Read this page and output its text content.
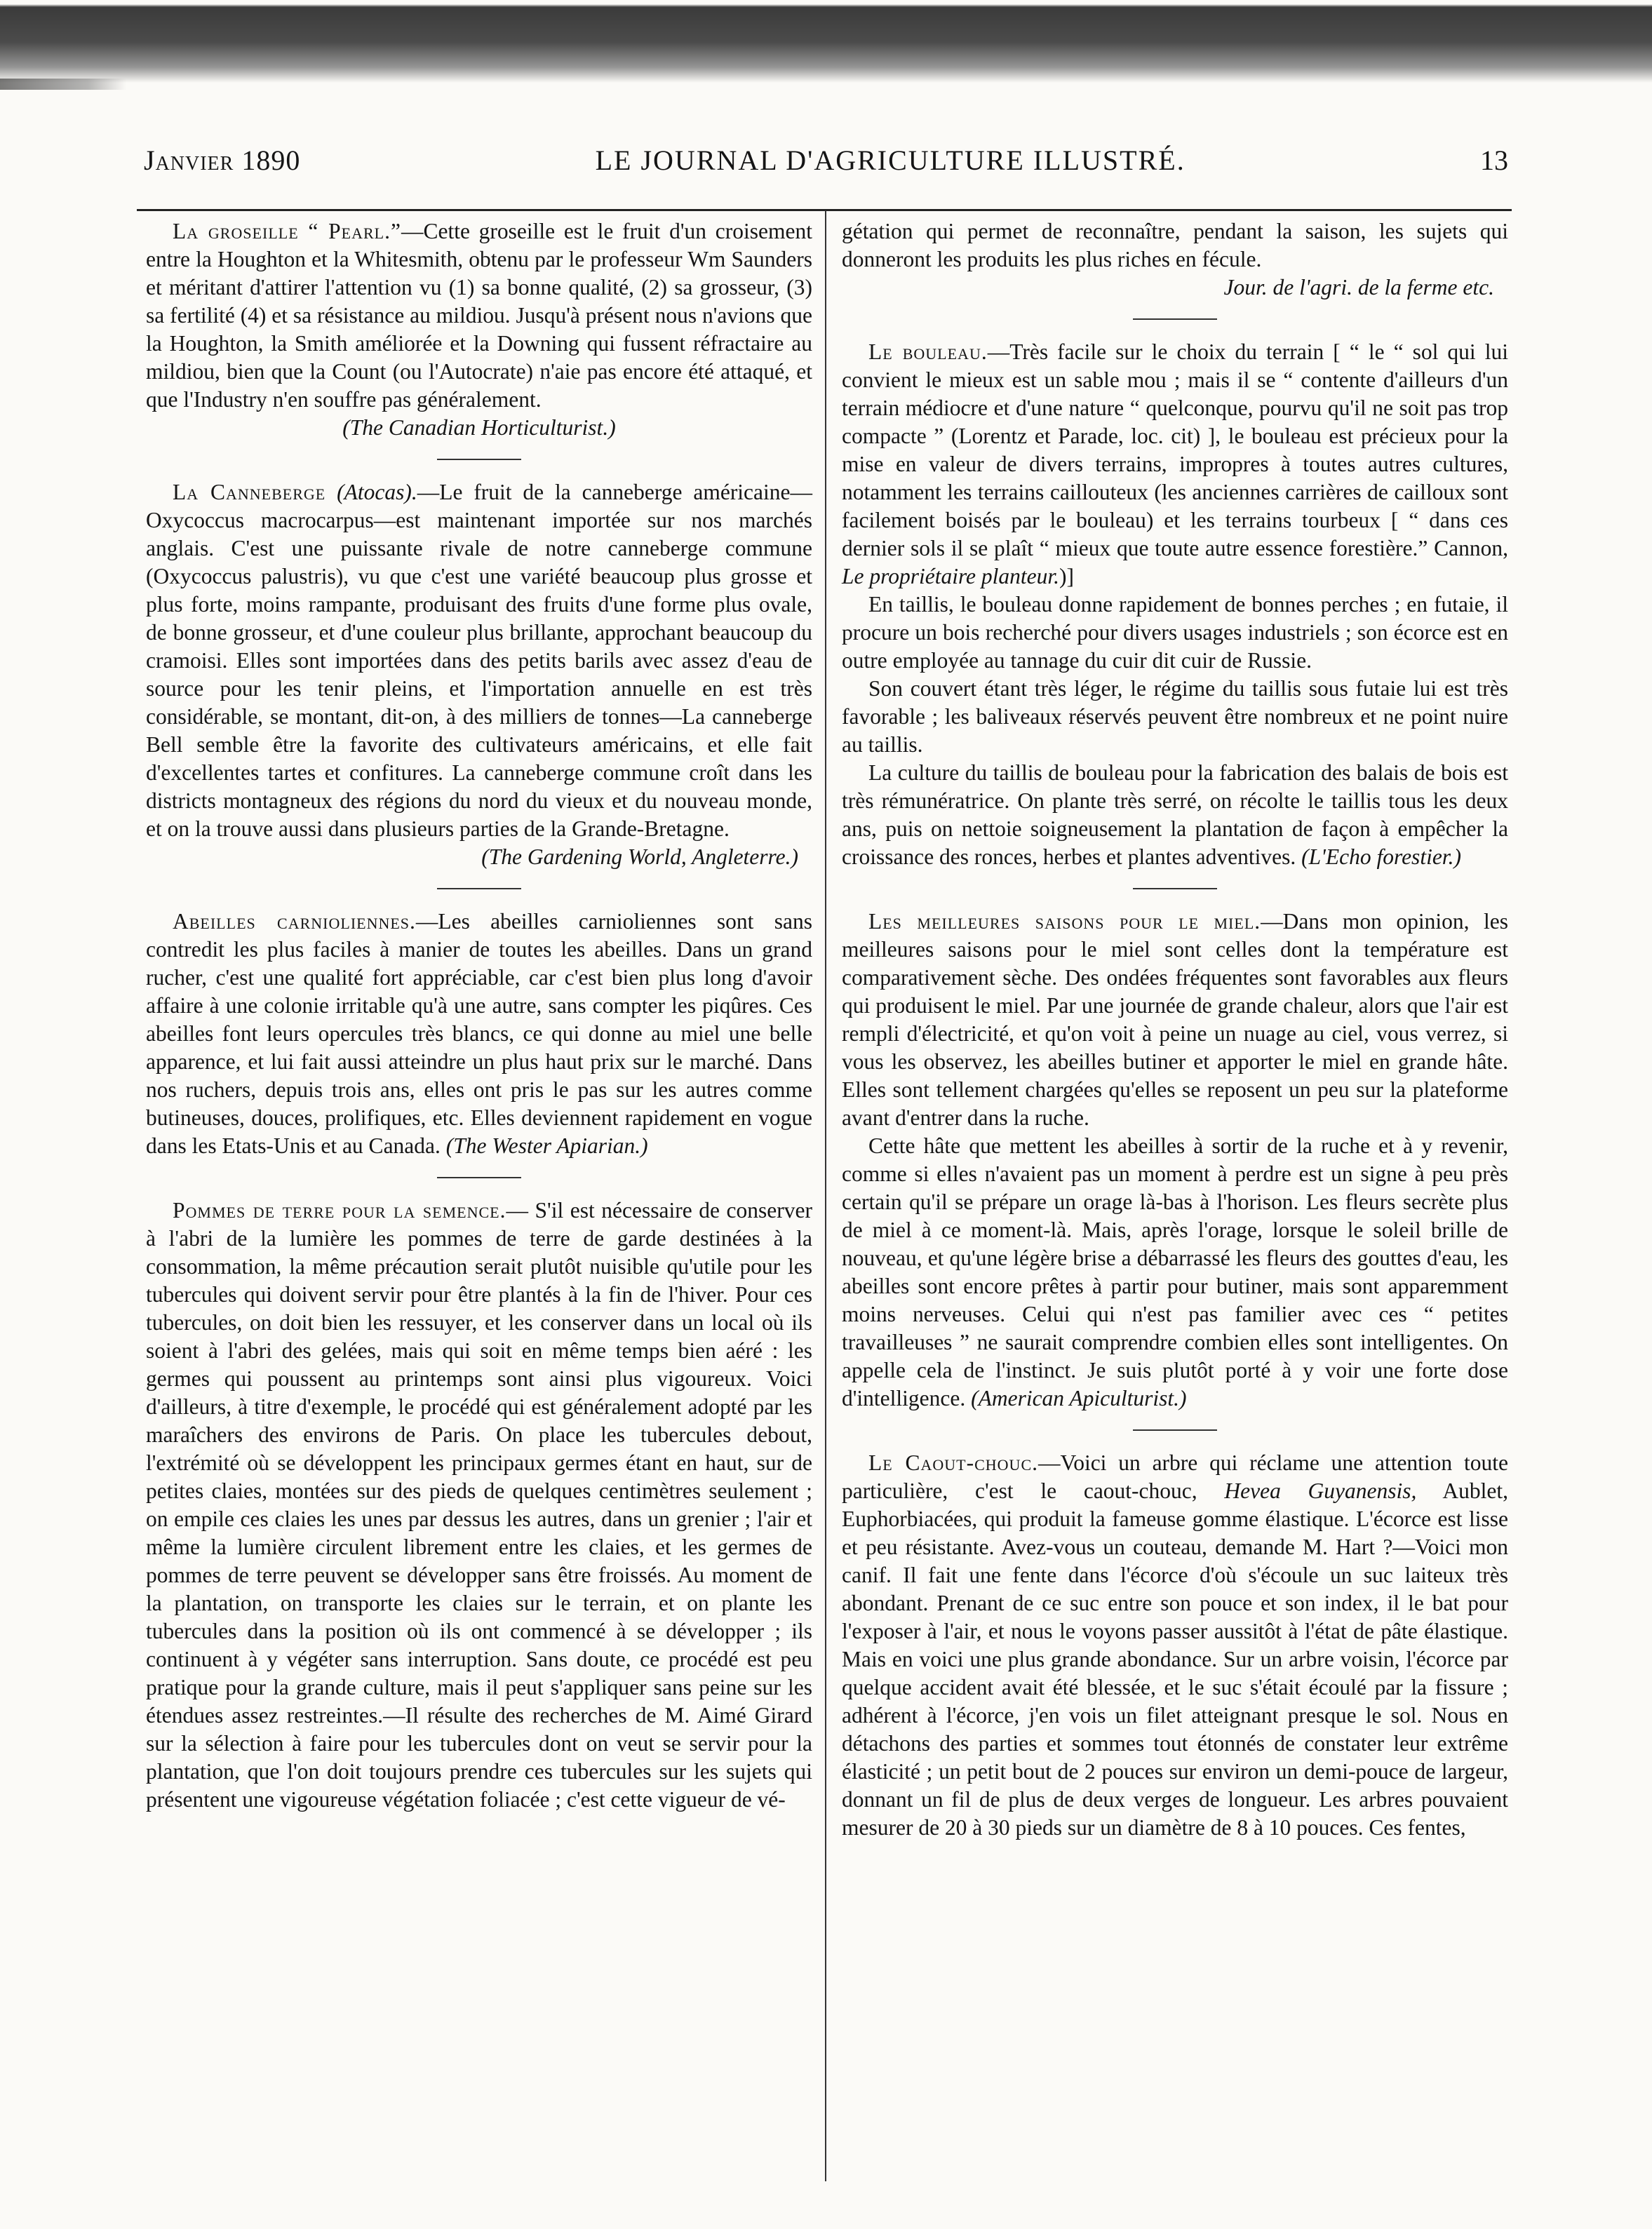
Janvier 1890	LE JOURNAL D'AGRICULTURE ILLUSTRÉ.	13

La groseille “ Pearl.”—Cette groseille est le fruit d'un croisement entre la Houghton et la Whitesmith, obtenu par le professeur Wm Saunders et méritant d'attirer l'attention vu (1) sa bonne qualité, (2) sa grosseur, (3) sa fertilité (4) et sa résistance au mildiou. Jusqu'à présent nous n'avions que la Houghton, la Smith améliorée et la Downing qui fussent réfractaire au mildiou, bien que la Count (ou l'Autocrate) n'aie pas encore été attaqué, et que l'Industry n'en souffre pas généralement.

(The Canadian Horticulturist.)

La Canneberge (Atocas).—Le fruit de la canneberge américaine—Oxycoccus macrocarpus—est maintenant importée sur nos marchés anglais. C'est une puissante rivale de notre canneberge commune (Oxycoccus palustris), vu que c'est une variété beaucoup plus grosse et plus forte, moins rampante, produisant des fruits d'une forme plus ovale, de bonne grosseur, et d'une couleur plus brillante, approchant beaucoup du cramoisi. Elles sont importées dans des petits barils avec assez d'eau de source pour les tenir pleins, et l'importation annuelle en est très considérable, se montant, dit-on, à des milliers de tonnes—La canneberge Bell semble être la favorite des cultivateurs américains, et elle fait d'excellentes tartes et confitures. La canneberge commune croît dans les districts montagneux des régions du nord du vieux et du nouveau monde, et on la trouve aussi dans plusieurs parties de la Grande-Bretagne.

(The Gardening World, Angleterre.)

Abeilles carnioliennes.—Les abeilles carnioliennes sont sans contredit les plus faciles à manier de toutes les abeilles. Dans un grand rucher, c'est une qualité fort appréciable, car c'est bien plus long d'avoir affaire à une colonie irritable qu'à une autre, sans compter les piqûres. Ces abeilles font leurs opercules très blancs, ce qui donne au miel une belle apparence, et lui fait aussi atteindre un plus haut prix sur le marché. Dans nos ruchers, depuis trois ans, elles ont pris le pas sur les autres comme butineuses, douces, prolifiques, etc. Elles deviennent rapidement en vogue dans les Etats-Unis et au Canada. (The Wester Apiarian.)

Pommes de terre pour la semence.— S'il est nécessaire de conserver à l'abri de la lumière les pommes de terre de garde destinées à la consommation, la même précaution serait plutôt nuisible qu'utile pour les tubercules qui doivent servir pour être plantés à la fin de l'hiver. Pour ces tubercules, on doit bien les ressuyer, et les conserver dans un local où ils soient à l'abri des gelées, mais qui soit en même temps bien aéré : les germes qui poussent au printemps sont ainsi plus vigoureux. Voici d'ailleurs, à titre d'exemple, le procédé qui est généralement adopté par les maraîchers des environs de Paris. On place les tubercules debout, l'extrémité où se développent les principaux germes étant en haut, sur de petites claies, montées sur des pieds de quelques centimètres seulement ; on empile ces claies les unes par dessus les autres, dans un grenier ; l'air et même la lumière circulent librement entre les claies, et les germes de pommes de terre peuvent se développer sans être froissés. Au moment de la plantation, on transporte les claies sur le terrain, et on plante les tubercules dans la position où ils ont commencé à se développer ; ils continuent à y végéter sans interruption. Sans doute, ce procédé est peu pratique pour la grande culture, mais il peut s'appliquer sans peine sur les étendues assez restreintes.—Il résulte des recherches de M. Aimé Girard sur la sélection à faire pour les tubercules dont on veut se servir pour la plantation, que l'on doit toujours prendre ces tubercules sur les sujets qui présentent une vigoureuse végétation foliacée ; c'est cette vigueur de vé-

gétation qui permet de reconnaître, pendant la saison, les sujets qui donneront les produits les plus riches en fécule.

Jour. de l'agri. de la ferme etc.

Le bouleau.—Très facile sur le choix du terrain [ “ le “ sol qui lui convient le mieux est un sable mou ; mais il se “ contente d'ailleurs d'un terrain médiocre et d'une nature “ quelconque, pourvu qu'il ne soit pas trop compacte ” (Lorentz et Parade, loc. cit) ], le bouleau est précieux pour la mise en valeur de divers terrains, impropres à toutes autres cultures, notamment les terrains caillouteux (les anciennes carrières de cailloux sont facilement boisés par le bouleau) et les terrains tourbeux [ “ dans ces dernier sols il se plaît “ mieux que toute autre essence forestière.” Cannon, Le propriétaire planteur.)]

En taillis, le bouleau donne rapidement de bonnes perches ; en futaie, il procure un bois recherché pour divers usages industriels ; son écorce est en outre employée au tannage du cuir dit cuir de Russie.

Son couvert étant très léger, le régime du taillis sous futaie lui est très favorable ; les baliveaux réservés peuvent être nombreux et ne point nuire au taillis.

La culture du taillis de bouleau pour la fabrication des balais de bois est très rémunératrice. On plante très serré, on récolte le taillis tous les deux ans, puis on nettoie soigneusement la plantation de façon à empêcher la croissance des ronces, herbes et plantes adventives. (L'Echo forestier.)

Les meilleures saisons pour le miel.—Dans mon opinion, les meilleures saisons pour le miel sont celles dont la température est comparativement sèche. Des ondées fréquentes sont favorables aux fleurs qui produisent le miel. Par une journée de grande chaleur, alors que l'air est rempli d'électricité, et qu'on voit à peine un nuage au ciel, vous verrez, si vous les observez, les abeilles butiner et apporter le miel en grande hâte. Elles sont tellement chargées qu'elles se reposent un peu sur la plateforme avant d'entrer dans la ruche.

Cette hâte que mettent les abeilles à sortir de la ruche et à y revenir, comme si elles n'avaient pas un moment à perdre est un signe à peu près certain qu'il se prépare un orage là-bas à l'horison. Les fleurs secrète plus de miel à ce moment-là. Mais, après l'orage, lorsque le soleil brille de nouveau, et qu'une légère brise a débarrassé les fleurs des gouttes d'eau, les abeilles sont encore prêtes à partir pour butiner, mais sont apparemment moins nerveuses. Celui qui n'est pas familier avec ces “ petites travailleuses ” ne saurait comprendre combien elles sont intelligentes. On appelle cela de l'instinct. Je suis plutôt porté à y voir une forte dose d'intelligence. (American Apiculturist.)

Le Caout-chouc.—Voici un arbre qui réclame une attention toute particulière, c'est le caout-chouc, Hevea Guyanensis, Aublet, Euphorbiacées, qui produit la fameuse gomme élastique. L'écorce est lisse et peu résistante. Avez-vous un couteau, demande M. Hart ?—Voici mon canif. Il fait une fente dans l'écorce d'où s'écoule un suc laiteux très abondant. Prenant de ce suc entre son pouce et son index, il le bat pour l'exposer à l'air, et nous le voyons passer aussitôt à l'état de pâte élastique. Mais en voici une plus grande abondance. Sur un arbre voisin, l'écorce par quelque accident avait été blessée, et le suc s'était écoulé par la fissure ; adhérent à l'écorce, j'en vois un filet atteignant presque le sol. Nous en détachons des parties et sommes tout étonnés de constater leur extrême élasticité ; un petit bout de 2 pouces sur environ un demi-pouce de largeur, donnant un fil de plus de deux verges de longueur. Les arbres pouvaient mesurer de 20 à 30 pieds sur un diamètre de 8 à 10 pouces. Ces fentes,
